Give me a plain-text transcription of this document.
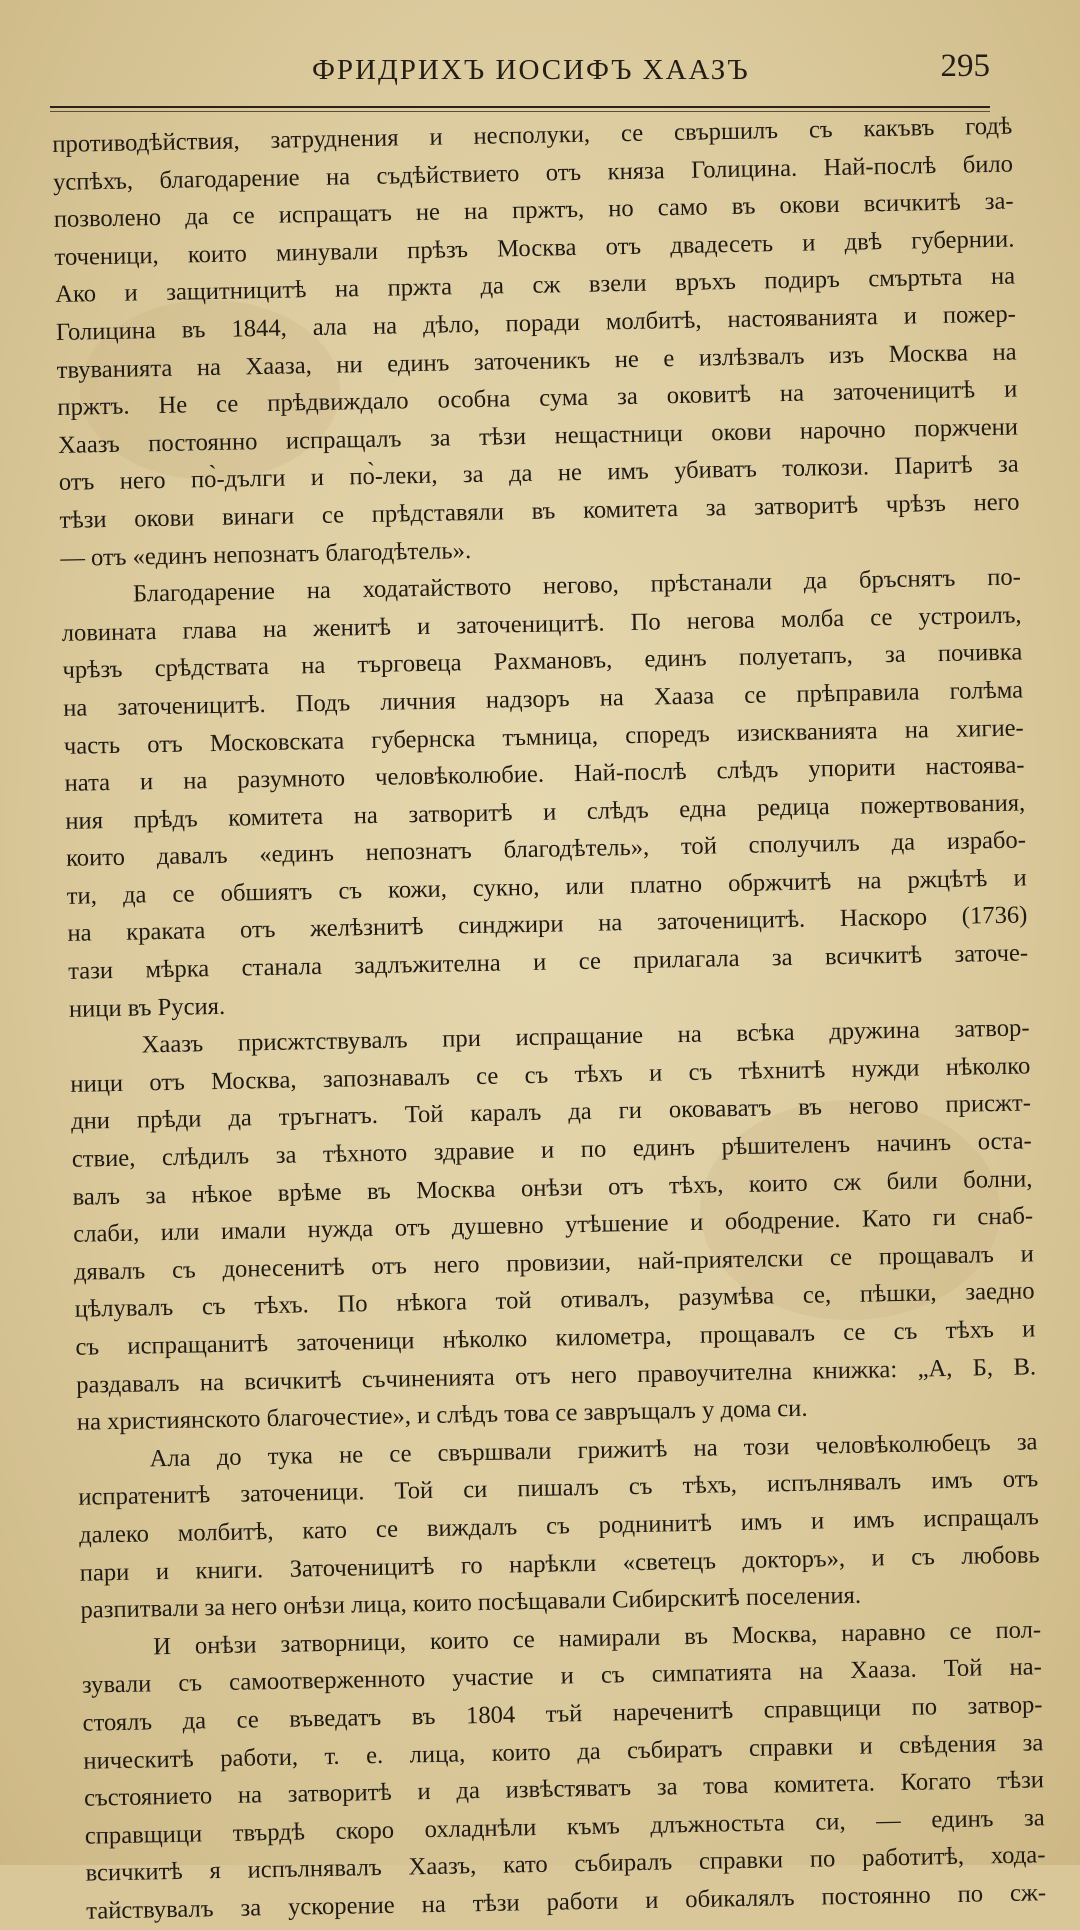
ФРИДРИХЪ ИОСИФЪ ХААЗЪ	295
противодѣйствия, затруднения и несполуки, се свършилъ съ какъвъ годѣ
успѣхъ, благодарение на съдѣйствието отъ княза Голицина. Най-послѣ било
позволено да се испращатъ не на пржтъ, но само въ окови всичкитѣ за-
точеници, които минували прѣзъ Москва отъ двадесеть и двѣ губернии.
Ако и защитницитѣ на пржта да сж взели връхъ подиръ смъртьта на
Голицина въ 1844, ала на дѣло, поради молбитѣ, настояванията и пожер-
твуванията на Хааза, ни единъ заточеникъ не е излѣзвалъ изъ Москва на
пржтъ. Не се прѣдвиждало особна сума за оковитѣ на заточеницитѣ и
Хаазъ постоянно испращалъ за тѣзи нещастници окови нарочно поржчени
отъ него по̀-дълги и по̀-леки, за да не имъ убиватъ толкози. Паритѣ за
тѣзи окови винаги се прѣдставяли въ комитета за затворитѣ чрѣзъ него
— отъ «единъ непознатъ благодѣтель».
Благодарение на ходатайството негово, прѣстанали да бръснятъ по-
ловината глава на женитѣ и заточеницитѣ. По негова молба се устроилъ,
чрѣзъ срѣдствата на търговеца Рахмановъ, единъ полуетапъ, за почивка
на заточеницитѣ. Подъ личния надзоръ на Хааза се прѣправила голѣма
часть отъ Московската губернска тъмница, споредъ изискванията на хигие-
ната и на разумното человѣколюбие. Най-послѣ слѣдъ упорити настоява-
ния прѣдъ комитета на затворитѣ и слѣдъ една редица пожертвования,
които давалъ «единъ непознатъ благодѣтель», той сполучилъ да изрaбо-
ти, да се обшиятъ съ кожи, сукно, или платно обржчитѣ на ржцѣтѣ и
на краката отъ желѣзнитѣ синджири на заточеницитѣ. Наскоро (1736)
тази мѣрка станала задлъжителна и се прилагала за всичкитѣ заточе-
ници въ Русия.
Хаазъ присжтствувалъ при испращание на всѣка дружина затвор-
ници отъ Москва, запознавалъ се съ тѣхъ и съ тѣхнитѣ нужди нѣколко
дни прѣди да тръгнатъ. Той каралъ да ги оковаватъ въ негово присжт-
ствие, слѣдилъ за тѣхното здравие и по единъ рѣшителенъ начинъ оста-
валъ за нѣкое врѣме въ Москва онѣзи отъ тѣхъ, които сж били болни,
слаби, или имали нужда отъ душевно утѣшение и ободрение. Като ги снаб-
дявалъ съ донесенитѣ отъ него провизии, най-приятелски се прощавалъ и
цѣлувалъ съ тѣхъ. По нѣкога той отивалъ, разумѣва се, пѣшки, заедно
съ испращанитѣ заточеници нѣколко километра, прощавалъ се съ тѣхъ и
раздавалъ на всичкитѣ съчиненията отъ него правоучителна книжка: „А, Б, В.
на християнското благочестие», и слѣдъ това се завръщалъ у дома си.
Ала до тука не се свършвали грижитѣ на този человѣколюбецъ за
испратенитѣ заточеници. Той си пишалъ съ тѣхъ, испълнявалъ имъ отъ
далеко молбитѣ, като се виждалъ съ роднинитѣ имъ и имъ испращалъ
пари и книги. Заточеницитѣ го нарѣкли «светецъ докторъ», и съ любовь
разпитвали за него онѣзи лица, които посѣщавали Сибирскитѣ поселения.
И онѣзи затворници, които се намирали въ Москва, наравно се пол-
зували съ самоотверженното участие и съ симпатията на Хааза. Той на-
стоялъ да се въведатъ въ 1804 тъй нареченитѣ справщици по затвор-
ническитѣ работи, т. е. лица, които да събиратъ справки и свѣдения за
състоянието на затворитѣ и да извѣстяватъ за това комитета. Когато тѣзи
справщици твърдѣ скоро охладнѣли къмъ длъжностьта си, — единъ за
всичкитѣ я испълнявалъ Хаазъ, като събиралъ справки по работитѣ, хода-
тайствувалъ за ускорение на тѣзи работи и обикалялъ постоянно по сж-
